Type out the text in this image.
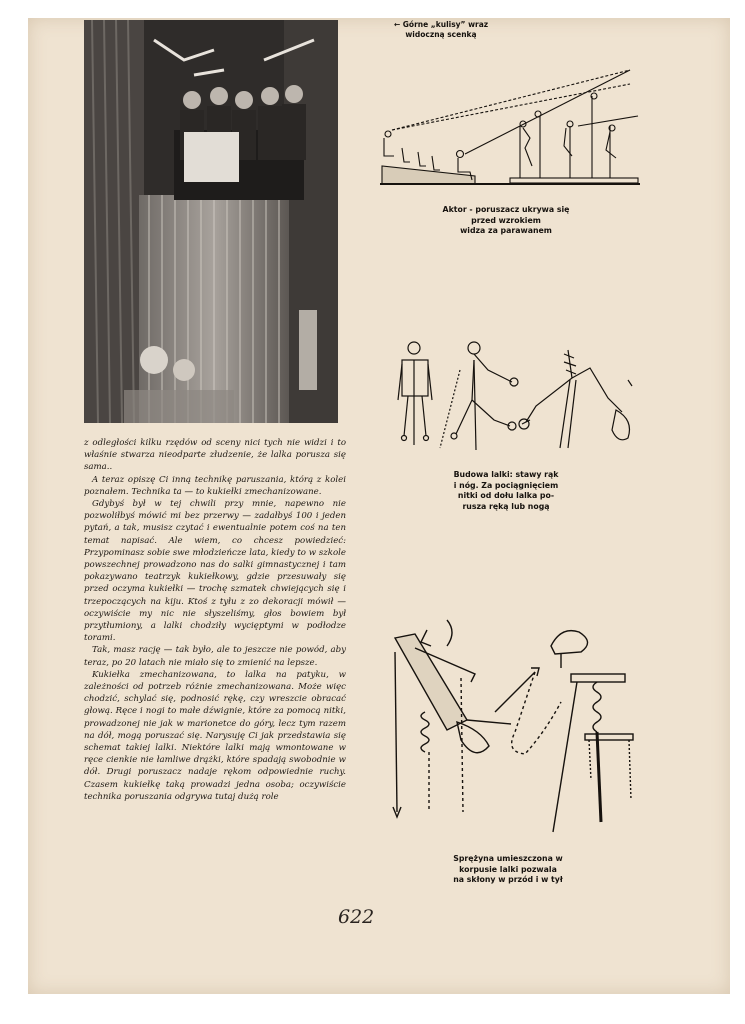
← Górne „kulisy” wraz
widoczną scenką

Aktor - poruszacz ukrywa się przed wzrokiem
widza za parawanem

Budowa lalki: stawy rąk
i nóg. Za pociągnięciem
nitki od dołu lalka po-
rusza ręką lub nogą

Sprężyna umieszczona w
korpusie lalki pozwala
na skłony w przód i w tył

z odległości kilku rzędów od sceny nici tych nie widzi i to właśnie stwarza nieodparte złudzenie, że lalka porusza się sama..

A teraz opiszę Ci inną technikę paruszania, którą z kolei poznałem. Technika ta — to kukiełki zmechanizowane.

Gdybyś był w tej chwili przy mnie, napewno nie pozwoliłbyś mówić mi bez przerwy — zadałbyś 100 i jeden pytań, a tak, musisz czytać i ewentualnie potem coś na ten temat napisać. Ale wiem, co chcesz powiedzieć: Przypominasz sobie swe młodzieńcze lata, kiedy to w szkole powszechnej prowadzono nas do salki gimnastycznej i tam pokazywano teatrzyk kukiełkowy, gdzie przesuwały się przed oczyma kukiełki — trochę szmatek chwiejących się i trzepoczących na kiju. Ktoś z tyłu z zo dekoracji mówił — oczywiście my nic nie słyszeliśmy, głos bowiem był przytłumiony, a lalki chodziły wycięptymi w podłodze torami.

Tak, masz rację — tak było, ale to jeszcze nie powód, aby teraz, po 20 latach nie miało się to zmienić na lepsze.

Kukiełka zmechanizowana, to lalka na patyku, w zależności od potrzeb różnie zmechanizowana. Może więc chodzić, schylać się, podnosić rękę, czy wreszcie obracać głową. Ręce i nogi to małe dźwignie, które za pomocą nitki, prowadzonej nie jak w marionetce do góry, lecz tym razem na dół, mogą poruszać się. Narysuję Ci jak przedstawia się schemat takiej lalki. Niektóre lalki mają wmontowane w ręce cienkie nie łamliwe drążki, które spadają swobodnie w dół. Drugi poruszacz nadaje rękom odpowiednie ruchy. Czasem kukiełkę taką prowadzi jedna osoba; oczywiście technika poruszania odgrywa tutaj dużą role

622
